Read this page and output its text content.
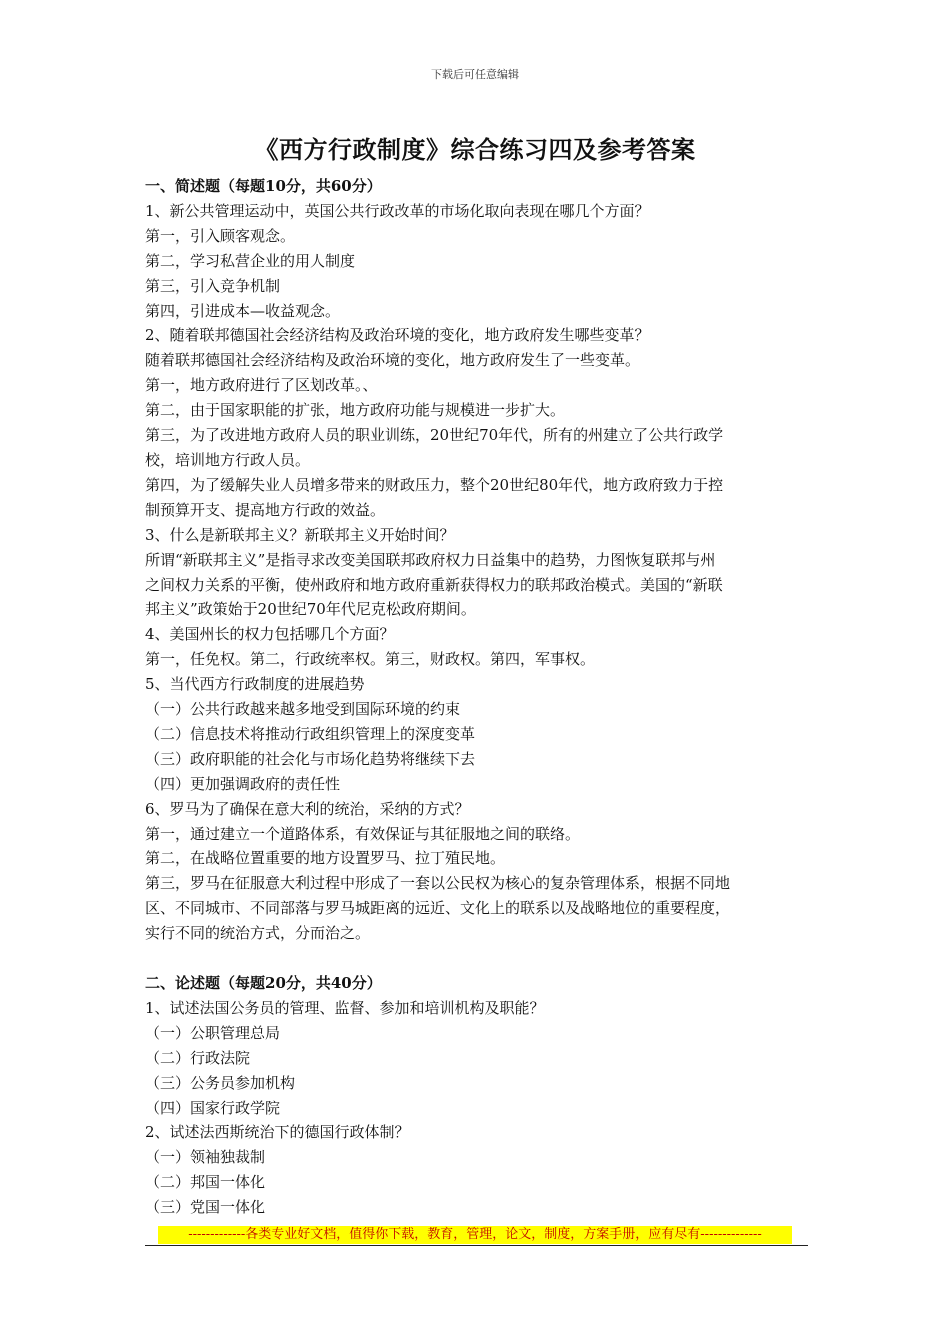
下载后可任意编辑
《西方行政制度》综合练习四及参考答案

一、简述题（每题10分，共60分）

1、新公共管理运动中，英国公共行政改革的市场化取向表现在哪几个方面？

第一，引入顾客观念。

第二，学习私营企业的用人制度

第三，引入竞争机制

第四，引进成本—收益观念。

2、随着联邦德国社会经济结构及政治环境的变化，地方政府发生哪些变革？

随着联邦德国社会经济结构及政治环境的变化，地方政府发生了一些变革。

第一，地方政府进行了区划改革。、

第二，由于国家职能的扩张，地方政府功能与规模进一步扩大。

第三，为了改进地方政府人员的职业训练，20世纪70年代，所有的州建立了公共行政学

校，培训地方行政人员。

第四，为了缓解失业人员增多带来的财政压力，整个20世纪80年代，地方政府致力于控

制预算开支、提高地方行政的效益。

3、什么是新联邦主义？新联邦主义开始时间？

所谓“新联邦主义”是指寻求改变美国联邦政府权力日益集中的趋势，力图恢复联邦与州

之间权力关系的平衡，使州政府和地方政府重新获得权力的联邦政治模式。美国的“新联

邦主义”政策始于20世纪70年代尼克松政府期间。

4、美国州长的权力包括哪几个方面？

第一，任免权。第二，行政统率权。第三，财政权。第四，军事权。

5、当代西方行政制度的进展趋势

（一）公共行政越来越多地受到国际环境的约束

（二）信息技术将推动行政组织管理上的深度变革

（三）政府职能的社会化与市场化趋势将继续下去

（四）更加强调政府的责任性

6、罗马为了确保在意大利的统治，采纳的方式？

第一，通过建立一个道路体系，有效保证与其征服地之间的联络。

第二，在战略位置重要的地方设置罗马、拉丁殖民地。

第三，罗马在征服意大利过程中形成了一套以公民权为核心的复杂管理体系，根据不同地

区、不同城市、不同部落与罗马城距离的远近、文化上的联系以及战略地位的重要程度，

实行不同的统治方式，分而治之。

二、论述题（每题20分，共40分）

1、试述法国公务员的管理、监督、参加和培训机构及职能？

（一）公职管理总局

（二）行政法院

（三）公务员参加机构

（四）国家行政学院

2、试述法西斯统治下的德国行政体制？

（一）领袖独裁制

（二）邦国一体化

（三）党国一体化

-------------各类专业好文档，值得你下载，教育，管理，论文，制度，方案手册，应有尽有--------------
